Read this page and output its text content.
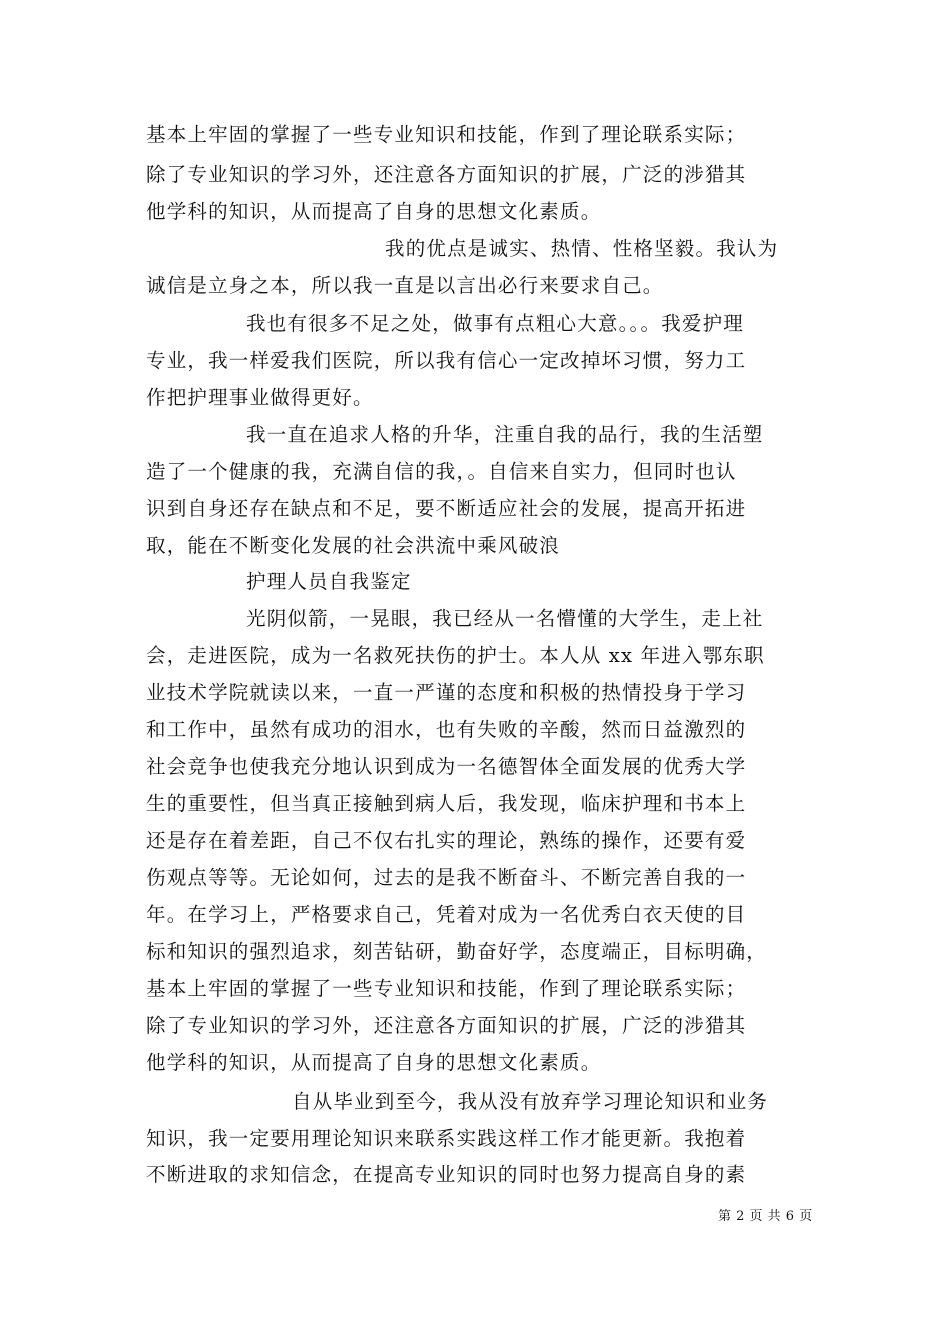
基本上牢固的掌握了一些专业知识和技能，作到了理论联系实际；
除了专业知识的学习外，还注意各方面知识的扩展，广泛的涉猎其
他学科的知识，从而提高了自身的思想文化素质。
我的优点是诚实、热情、性格坚毅。我认为
诚信是立身之本，所以我一直是以言出必行来要求自己。
我也有很多不足之处，做事有点粗心大意。。。我爱护理
专业，我一样爱我们医院，所以我有信心一定改掉坏习惯，努力工
作把护理事业做得更好。
我一直在追求人格的升华，注重自我的品行，我的生活塑
造了一个健康的我，充满自信的我，。自信来自实力，但同时也认
识到自身还存在缺点和不足，要不断适应社会的发展，提高开拓进
取，能在不断变化发展的社会洪流中乘风破浪
护理人员自我鉴定
光阴似箭，一晃眼，我已经从一名懵懂的大学生，走上社
会，走进医院，成为一名救死扶伤的护士。本人从 xx 年进入鄂东职
业技术学院就读以来，一直一严谨的态度和积极的热情投身于学习
和工作中，虽然有成功的泪水，也有失败的辛酸，然而日益激烈的
社会竞争也使我充分地认识到成为一名德智体全面发展的优秀大学
生的重要性，但当真正接触到病人后，我发现，临床护理和书本上
还是存在着差距，自己不仅右扎实的理论，熟练的操作，还要有爱
伤观点等等。无论如何，过去的是我不断奋斗、不断完善自我的一
年。在学习上，严格要求自己，凭着对成为一名优秀白衣天使的目
标和知识的强烈追求，刻苦钻研，勤奋好学，态度端正，目标明确，
基本上牢固的掌握了一些专业知识和技能，作到了理论联系实际；
除了专业知识的学习外，还注意各方面知识的扩展，广泛的涉猎其
他学科的知识，从而提高了自身的思想文化素质。
自从毕业到至今，我从没有放弃学习理论知识和业务
知识，我一定要用理论知识来联系实践这样工作才能更新。我抱着
不断进取的求知信念，在提高专业知识的同时也努力提高自身的素
第 2 页 共 6 页
